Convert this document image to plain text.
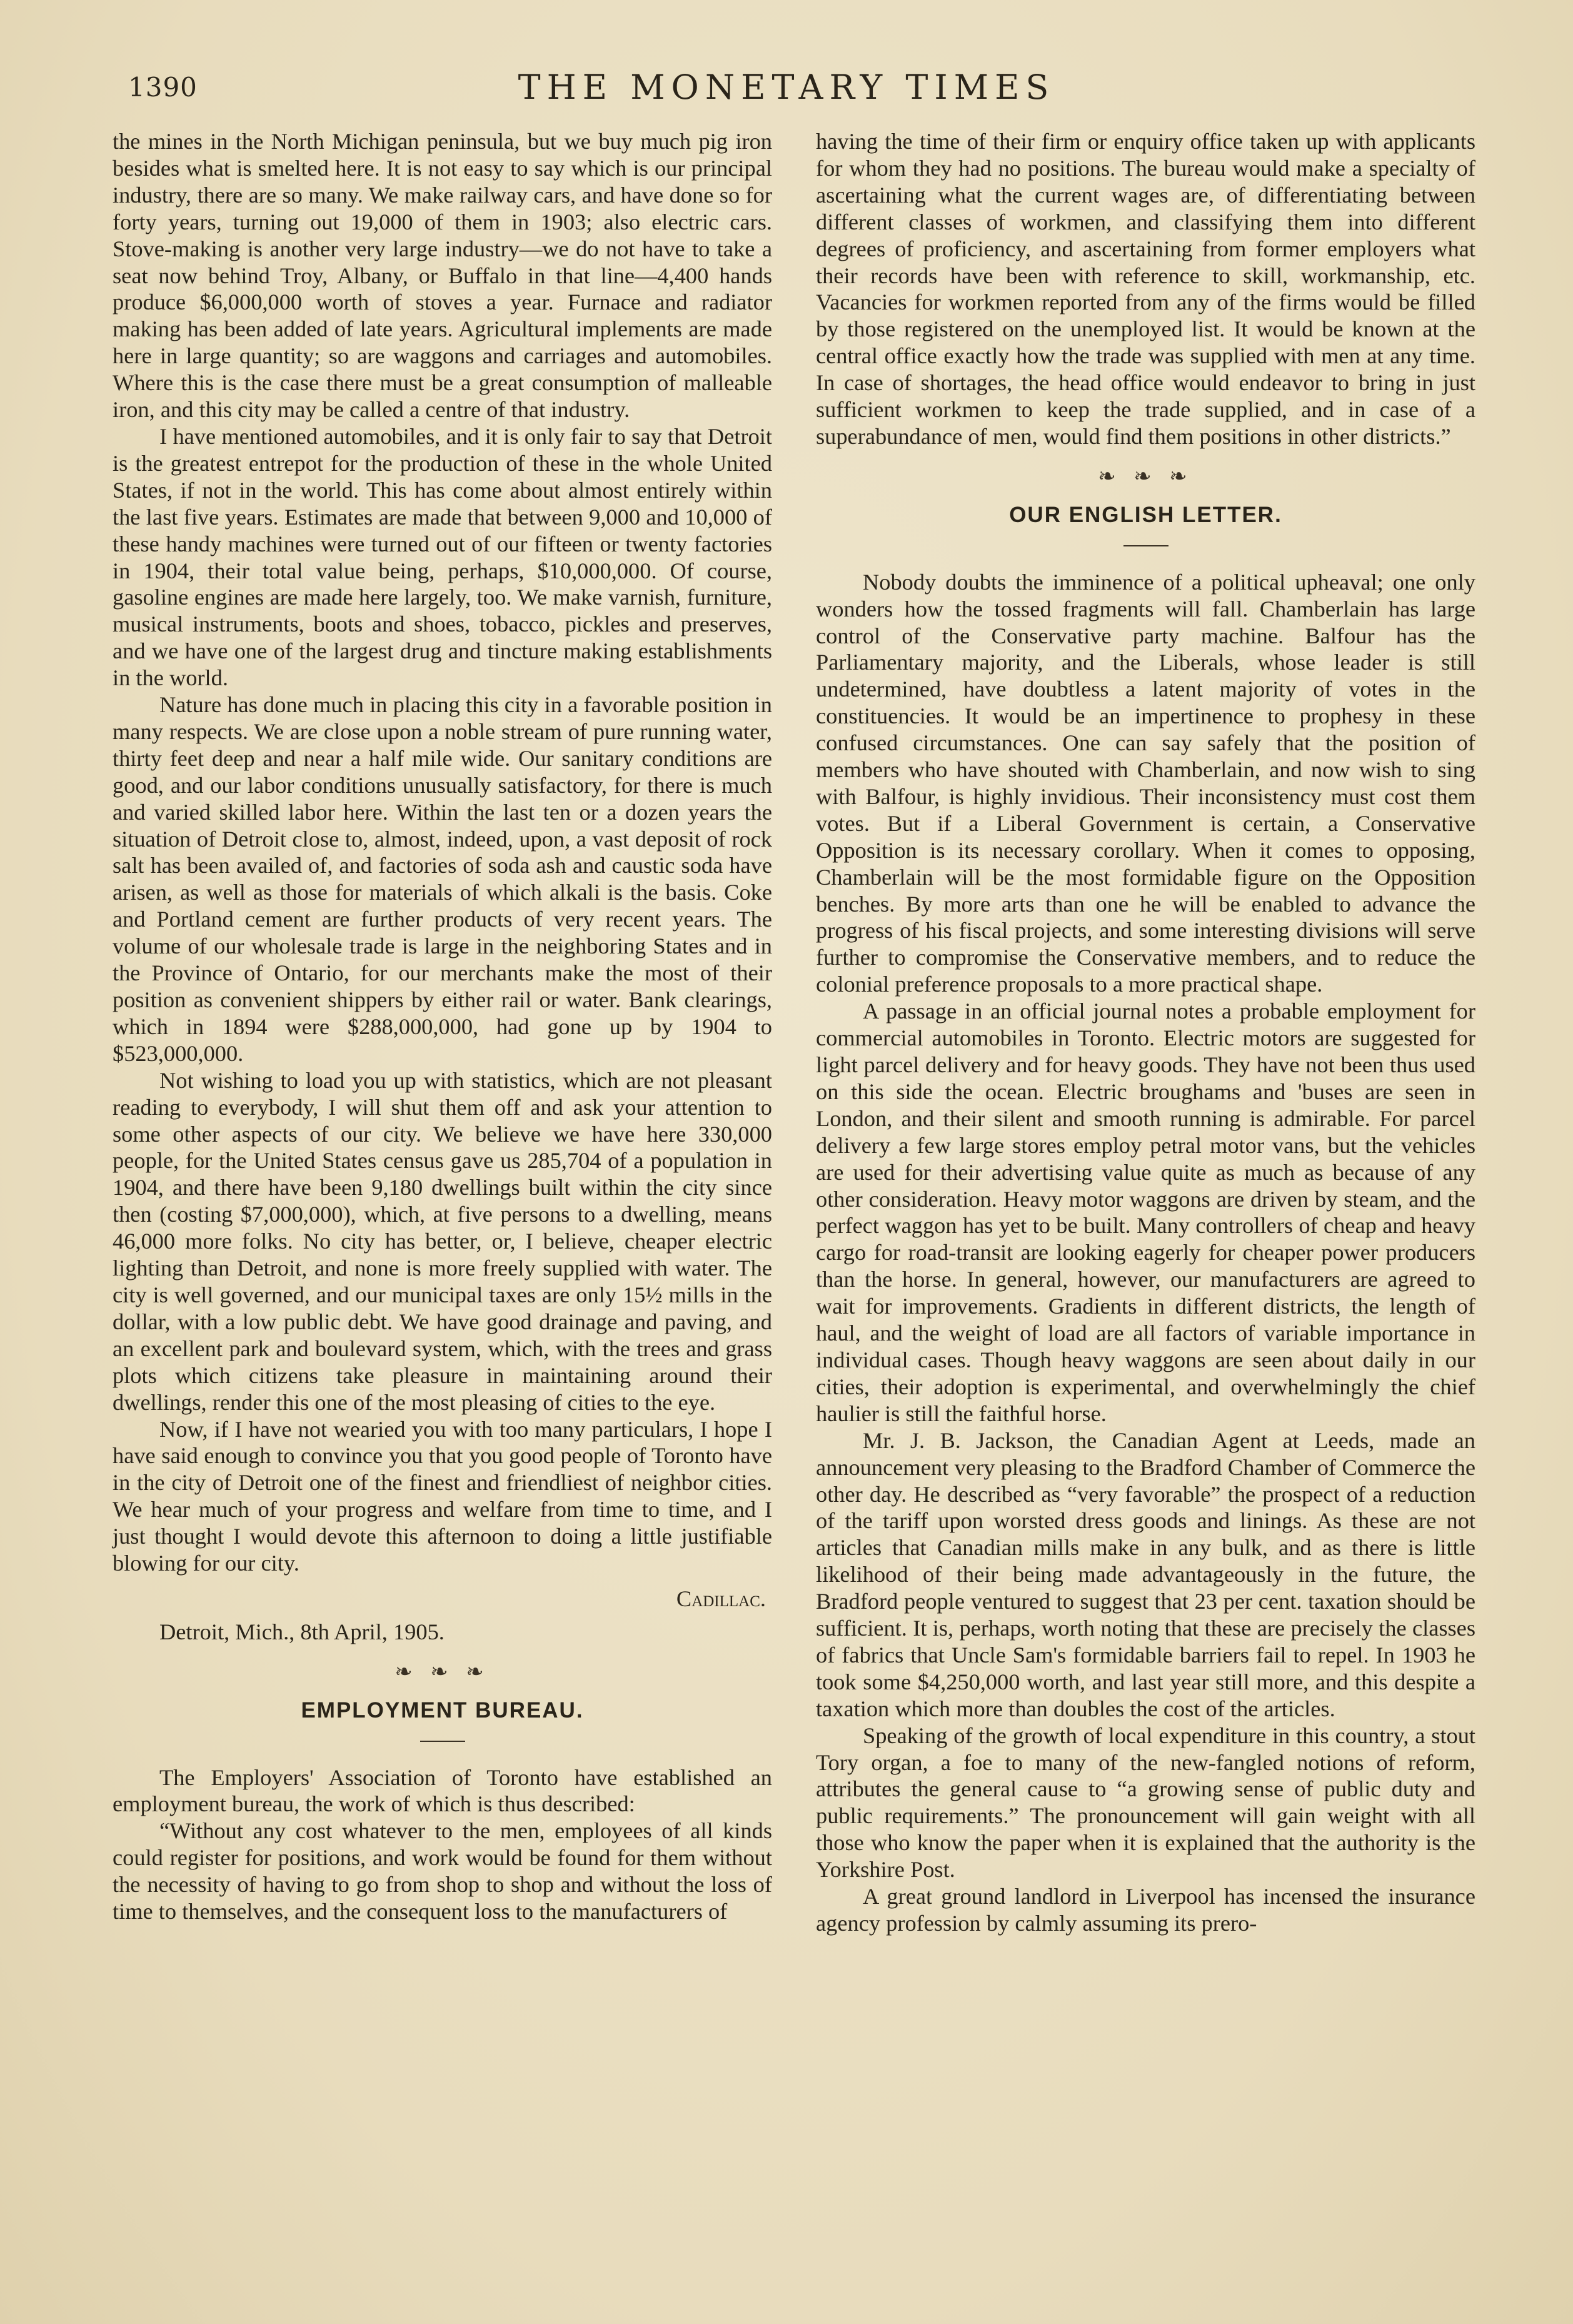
1390	THE MONETARY TIMES

the mines in the North Michigan peninsula, but we buy much pig iron besides what is smelted here. It is not easy to say which is our principal industry, there are so many. We make railway cars, and have done so for forty years, turning out 19,000 of them in 1903; also electric cars. Stove-making is another very large industry—we do not have to take a seat now behind Troy, Albany, or Buffalo in that line—4,400 hands produce $6,000,000 worth of stoves a year. Furnace and radiator making has been added of late years. Agricultural implements are made here in large quantity; so are waggons and carriages and automobiles. Where this is the case there must be a great consumption of malleable iron, and this city may be called a centre of that industry.

I have mentioned automobiles, and it is only fair to say that Detroit is the greatest entrepot for the production of these in the whole United States, if not in the world. This has come about almost entirely within the last five years. Estimates are made that between 9,000 and 10,000 of these handy machines were turned out of our fifteen or twenty factories in 1904, their total value being, perhaps, $10,000,000. Of course, gasoline engines are made here largely, too. We make varnish, furniture, musical instruments, boots and shoes, tobacco, pickles and preserves, and we have one of the largest drug and tincture making establishments in the world.

Nature has done much in placing this city in a favorable position in many respects. We are close upon a noble stream of pure running water, thirty feet deep and near a half mile wide. Our sanitary conditions are good, and our labor conditions unusually satisfactory, for there is much and varied skilled labor here. Within the last ten or a dozen years the situation of Detroit close to, almost, indeed, upon, a vast deposit of rock salt has been availed of, and factories of soda ash and caustic soda have arisen, as well as those for materials of which alkali is the basis. Coke and Portland cement are further products of very recent years. The volume of our wholesale trade is large in the neighboring States and in the Province of Ontario, for our merchants make the most of their position as convenient shippers by either rail or water. Bank clearings, which in 1894 were $288,000,000, had gone up by 1904 to $523,000,000.

Not wishing to load you up with statistics, which are not pleasant reading to everybody, I will shut them off and ask your attention to some other aspects of our city. We believe we have here 330,000 people, for the United States census gave us 285,704 of a population in 1904, and there have been 9,180 dwellings built within the city since then (costing $7,000,000), which, at five persons to a dwelling, means 46,000 more folks. No city has better, or, I believe, cheaper electric lighting than Detroit, and none is more freely supplied with water. The city is well governed, and our municipal taxes are only 15½ mills in the dollar, with a low public debt. We have good drainage and paving, and an excellent park and boulevard system, which, with the trees and grass plots which citizens take pleasure in maintaining around their dwellings, render this one of the most pleasing of cities to the eye.

Now, if I have not wearied you with too many particulars, I hope I have said enough to convince you that you good people of Toronto have in the city of Detroit one of the finest and friendliest of neighbor cities. We hear much of your progress and welfare from time to time, and I just thought I would devote this afternoon to doing a little justifiable blowing for our city.

Cadillac.

Detroit, Mich., 8th April, 1905.

❧ ❧ ❧
EMPLOYMENT BUREAU.

The Employers' Association of Toronto have established an employment bureau, the work of which is thus described:

“Without any cost whatever to the men, employees of all kinds could register for positions, and work would be found for them without the necessity of having to go from shop to shop and without the loss of time to themselves, and the consequent loss to the manufacturers of

having the time of their firm or enquiry office taken up with applicants for whom they had no positions. The bureau would make a specialty of ascertaining what the current wages are, of differentiating between different classes of workmen, and classifying them into different degrees of proficiency, and ascertaining from former employers what their records have been with reference to skill, workmanship, etc. Vacancies for workmen reported from any of the firms would be filled by those registered on the unemployed list. It would be known at the central office exactly how the trade was supplied with men at any time. In case of shortages, the head office would endeavor to bring in just sufficient workmen to keep the trade supplied, and in case of a superabundance of men, would find them positions in other districts.”

❧ ❧ ❧
OUR ENGLISH LETTER.

Nobody doubts the imminence of a political upheaval; one only wonders how the tossed fragments will fall. Chamberlain has large control of the Conservative party machine. Balfour has the Parliamentary majority, and the Liberals, whose leader is still undetermined, have doubtless a latent majority of votes in the constituencies. It would be an impertinence to prophesy in these confused circumstances. One can say safely that the position of members who have shouted with Chamberlain, and now wish to sing with Balfour, is highly invidious. Their inconsistency must cost them votes. But if a Liberal Government is certain, a Conservative Opposition is its necessary corollary. When it comes to opposing, Chamberlain will be the most formidable figure on the Opposition benches. By more arts than one he will be enabled to advance the progress of his fiscal projects, and some interesting divisions will serve further to compromise the Conservative members, and to reduce the colonial preference proposals to a more practical shape.

A passage in an official journal notes a probable employment for commercial automobiles in Toronto. Electric motors are suggested for light parcel delivery and for heavy goods. They have not been thus used on this side the ocean. Electric broughams and 'buses are seen in London, and their silent and smooth running is admirable. For parcel delivery a few large stores employ petral motor vans, but the vehicles are used for their advertising value quite as much as because of any other consideration. Heavy motor waggons are driven by steam, and the perfect waggon has yet to be built. Many controllers of cheap and heavy cargo for road-transit are looking eagerly for cheaper power producers than the horse. In general, however, our manufacturers are agreed to wait for improvements. Gradients in different districts, the length of haul, and the weight of load are all factors of variable importance in individual cases. Though heavy waggons are seen about daily in our cities, their adoption is experimental, and overwhelmingly the chief haulier is still the faithful horse.

Mr. J. B. Jackson, the Canadian Agent at Leeds, made an announcement very pleasing to the Bradford Chamber of Commerce the other day. He described as “very favorable” the prospect of a reduction of the tariff upon worsted dress goods and linings. As these are not articles that Canadian mills make in any bulk, and as there is little likelihood of their being made advantageously in the future, the Bradford people ventured to suggest that 23 per cent. taxation should be sufficient. It is, perhaps, worth noting that these are precisely the classes of fabrics that Uncle Sam's formidable barriers fail to repel. In 1903 he took some $4,250,000 worth, and last year still more, and this despite a taxation which more than doubles the cost of the articles.

Speaking of the growth of local expenditure in this country, a stout Tory organ, a foe to many of the new-fangled notions of reform, attributes the general cause to “a growing sense of public duty and public requirements.” The pronouncement will gain weight with all those who know the paper when it is explained that the authority is the Yorkshire Post.

A great ground landlord in Liverpool has incensed the insurance agency profession by calmly assuming its prero-
